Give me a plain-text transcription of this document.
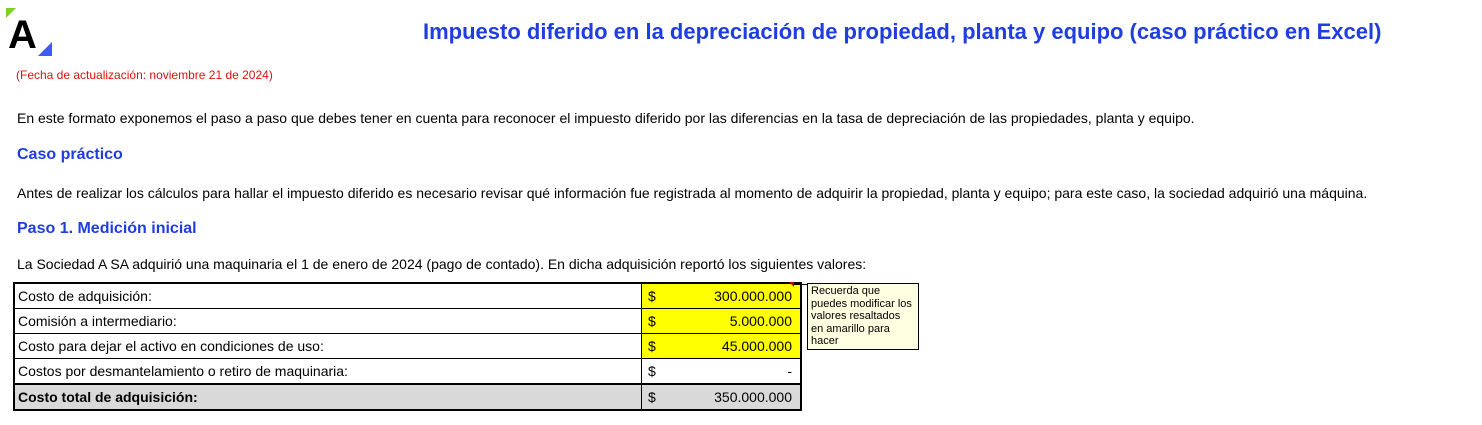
A	Impuesto diferido en la depreciación de propiedad, planta y equipo (caso práctico en Excel)
(Fecha de actualización: noviembre 21 de 2024)
En este formato exponemos el paso a paso que debes tener en cuenta para reconocer el impuesto diferido por las diferencias en la tasa de depreciación de las propiedades, planta y equipo.
Caso práctico
Antes de realizar los cálculos para hallar el impuesto diferido es necesario revisar qué información fue registrada al momento de adquirir la propiedad, planta y equipo; para este caso, la sociedad adquirió una máquina.
Paso 1. Medición inicial
La Sociedad A SA adquirió una maquinaria el 1 de enero de 2024 (pago de contado). En dicha adquisición reportó los siguientes valores:
Costo de adquisición:	$	300.000.000
Comisión a intermediario:	$	5.000.000
Costo para dejar el activo en condiciones de uso:	$	45.000.000
Costos por desmantelamiento o retiro de maquinaria:	$	-
Costo total de adquisición:	$	350.000.000
Recuerda que puedes modificar los valores resaltados en amarillo para hacer
